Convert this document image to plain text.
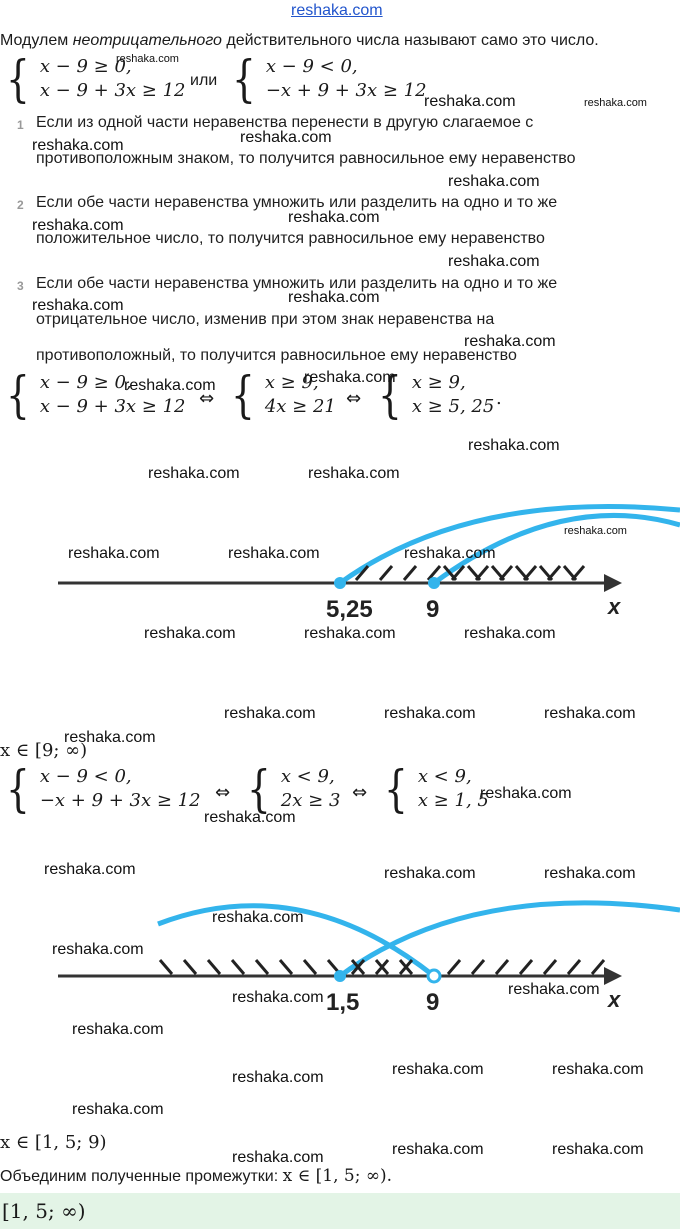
reshaka.com
Модулем неотрицательного действительного числа называют само это число.
{ x − 9 ≥ 0,
x − 9 + 3x ≥ 12 или { x − 9 < 0,
−x + 9 + 3x ≥ 12
1 Если из одной части неравенства перенести в другую слагаемое с
противоположным знаком, то получится равносильное ему неравенство
2 Если обе части неравенства умножить или разделить на одно и то же
положительное число, то получится равносильное ему неравенство
3 Если обе части неравенства умножить или разделить на одно и то же
отрицательное число, изменив при этом знак неравенства на
противоположный, то получится равносильное ему неравенство
{ x − 9 ≥ 0,
x − 9 + 3x ≥ 12 ⇔ { x ≥ 9,
4x ≥ 21 ⇔ { x ≥ 9,
x ≥ 5, 25 .
5,25 9	x
x ∈ [9; ∞)
{ x − 9 < 0,
−x + 9 + 3x ≥ 12 ⇔ { x < 9,
2x ≥ 3 ⇔ { x < 9,
x ≥ 1, 5
1,5	9	x
x ∈ [1, 5; 9)
Объединим полученные промежутки: x ∈ [1, 5; ∞).
[1, 5; ∞)
reshaka.com
reshaka.com	reshaka.com
reshaka.com
reshaka.com
reshaka.com
reshaka.com
reshaka.com
reshaka.com
reshaka.com
reshaka.com
reshaka.com
reshaka.com
reshaka.com
reshaka.com
reshaka.com	reshaka.com
reshaka.com
reshaka.com	reshaka.com	reshaka.com
reshaka.com	reshaka.com	reshaka.com
reshaka.com	reshaka.com	reshaka.com
reshaka.com
reshaka.com
reshaka.com
reshaka.com	reshaka.com	reshaka.com
reshaka.com
reshaka.com
reshaka.com
reshaka.com
reshaka.com
reshaka.com	reshaka.com
reshaka.com
reshaka.com
reshaka.com	reshaka.com
reshaka.com
